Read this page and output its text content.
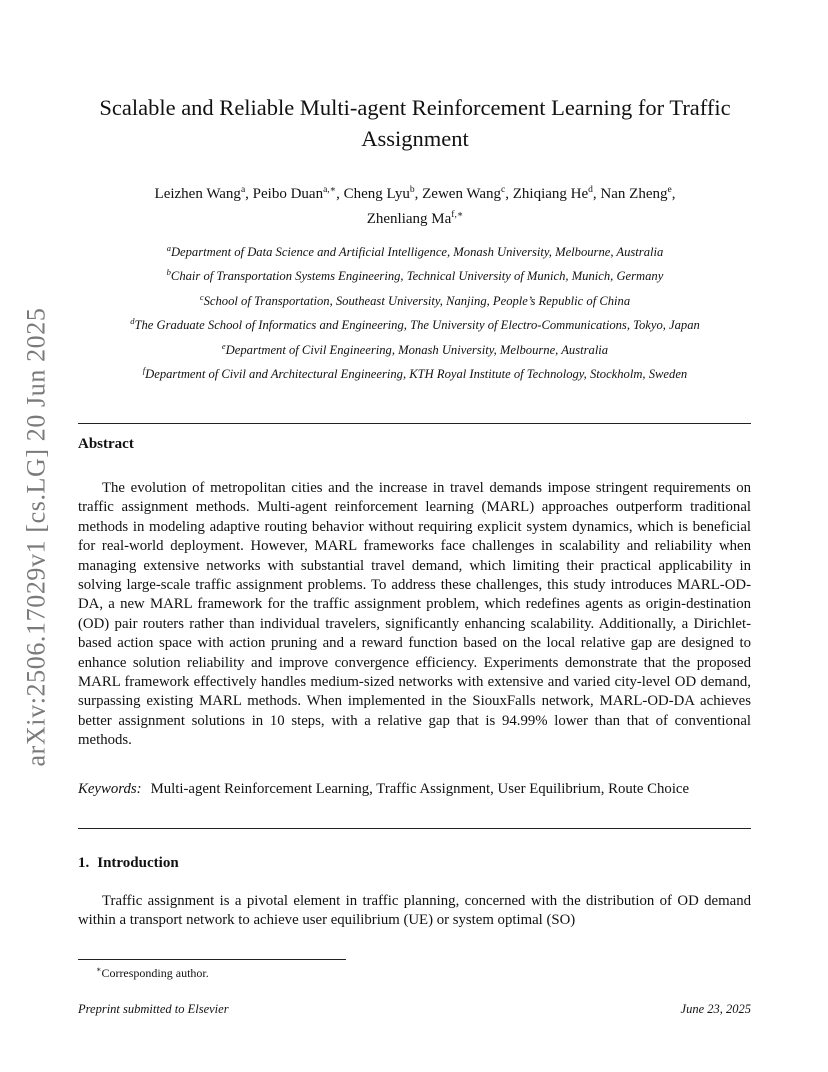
arXiv:2506.17029v1 [cs.LG] 20 Jun 2025
Scalable and Reliable Multi-agent Reinforcement Learning for Traffic Assignment
Leizhen Wang$^a$, Peibo Duan$^{a,∗}$, Cheng Lyu$^b$, Zewen Wang$^c$, Zhiqiang He$^d$, Nan Zheng$^e$,
Zhenliang $Ma^{f,∗}$
$^a$Department of Data Science and Artificial Intelligence, Monash University, Melbourne, Australia
$^b$Chair of Transportation Systems Engineering, Technical University of Munich, Munich, Germany
$^c$School of Transportation, Southeast University, Nanjing, People’s Republic of China
$^d$The Graduate School of Informatics and Engineering, The University of Electro-Communications, Tokyo, Japan
$^e$Department of Civil Engineering, Monash University, Melbourne, Australia
$^f$Department of Civil and Architectural Engineering, KTH Royal Institute of Technology, Stockholm, Sweden
Abstract

The evolution of metropolitan cities and the increase in travel demands impose stringent requirements on traffic assignment methods. Multi-agent reinforcement learning (MARL) approaches outperform traditional methods in modeling adaptive routing behavior without requiring explicit system dynamics, which is beneficial for real-world deployment. However, MARL frameworks face challenges in scalability and reliability when managing extensive networks with substantial travel demand, which limiting their practical applicability in solving large-scale traffic assignment problems. To address these challenges, this study introduces MARL-OD-DA, a new MARL framework for the traffic assignment problem, which redefines agents as origin-destination (OD) pair routers rather than individual travelers, significantly enhancing scalability. Additionally, a Dirichlet-based action space with action pruning and a reward function based on the local relative gap are designed to enhance solution reliability and improve convergence efficiency. Experiments demonstrate that the proposed MARL framework effectively handles medium-sized networks with extensive and varied city-level OD demand, surpassing existing MARL methods. When implemented in the SiouxFalls network, MARL-OD-DA achieves better assignment solutions in 10 steps, with a relative gap that is 94.99% lower than that of conventional methods.

Keywords: Multi-agent Reinforcement Learning, Traffic Assignment, User Equilibrium, Route Choice

1. Introduction

Traffic assignment is a pivotal element in traffic planning, concerned with the distribution of OD demand within a transport network to achieve user equilibrium (UE) or system optimal (SO)

∗Corresponding author.
Preprint submitted to Elsevier	June 23, 2025
